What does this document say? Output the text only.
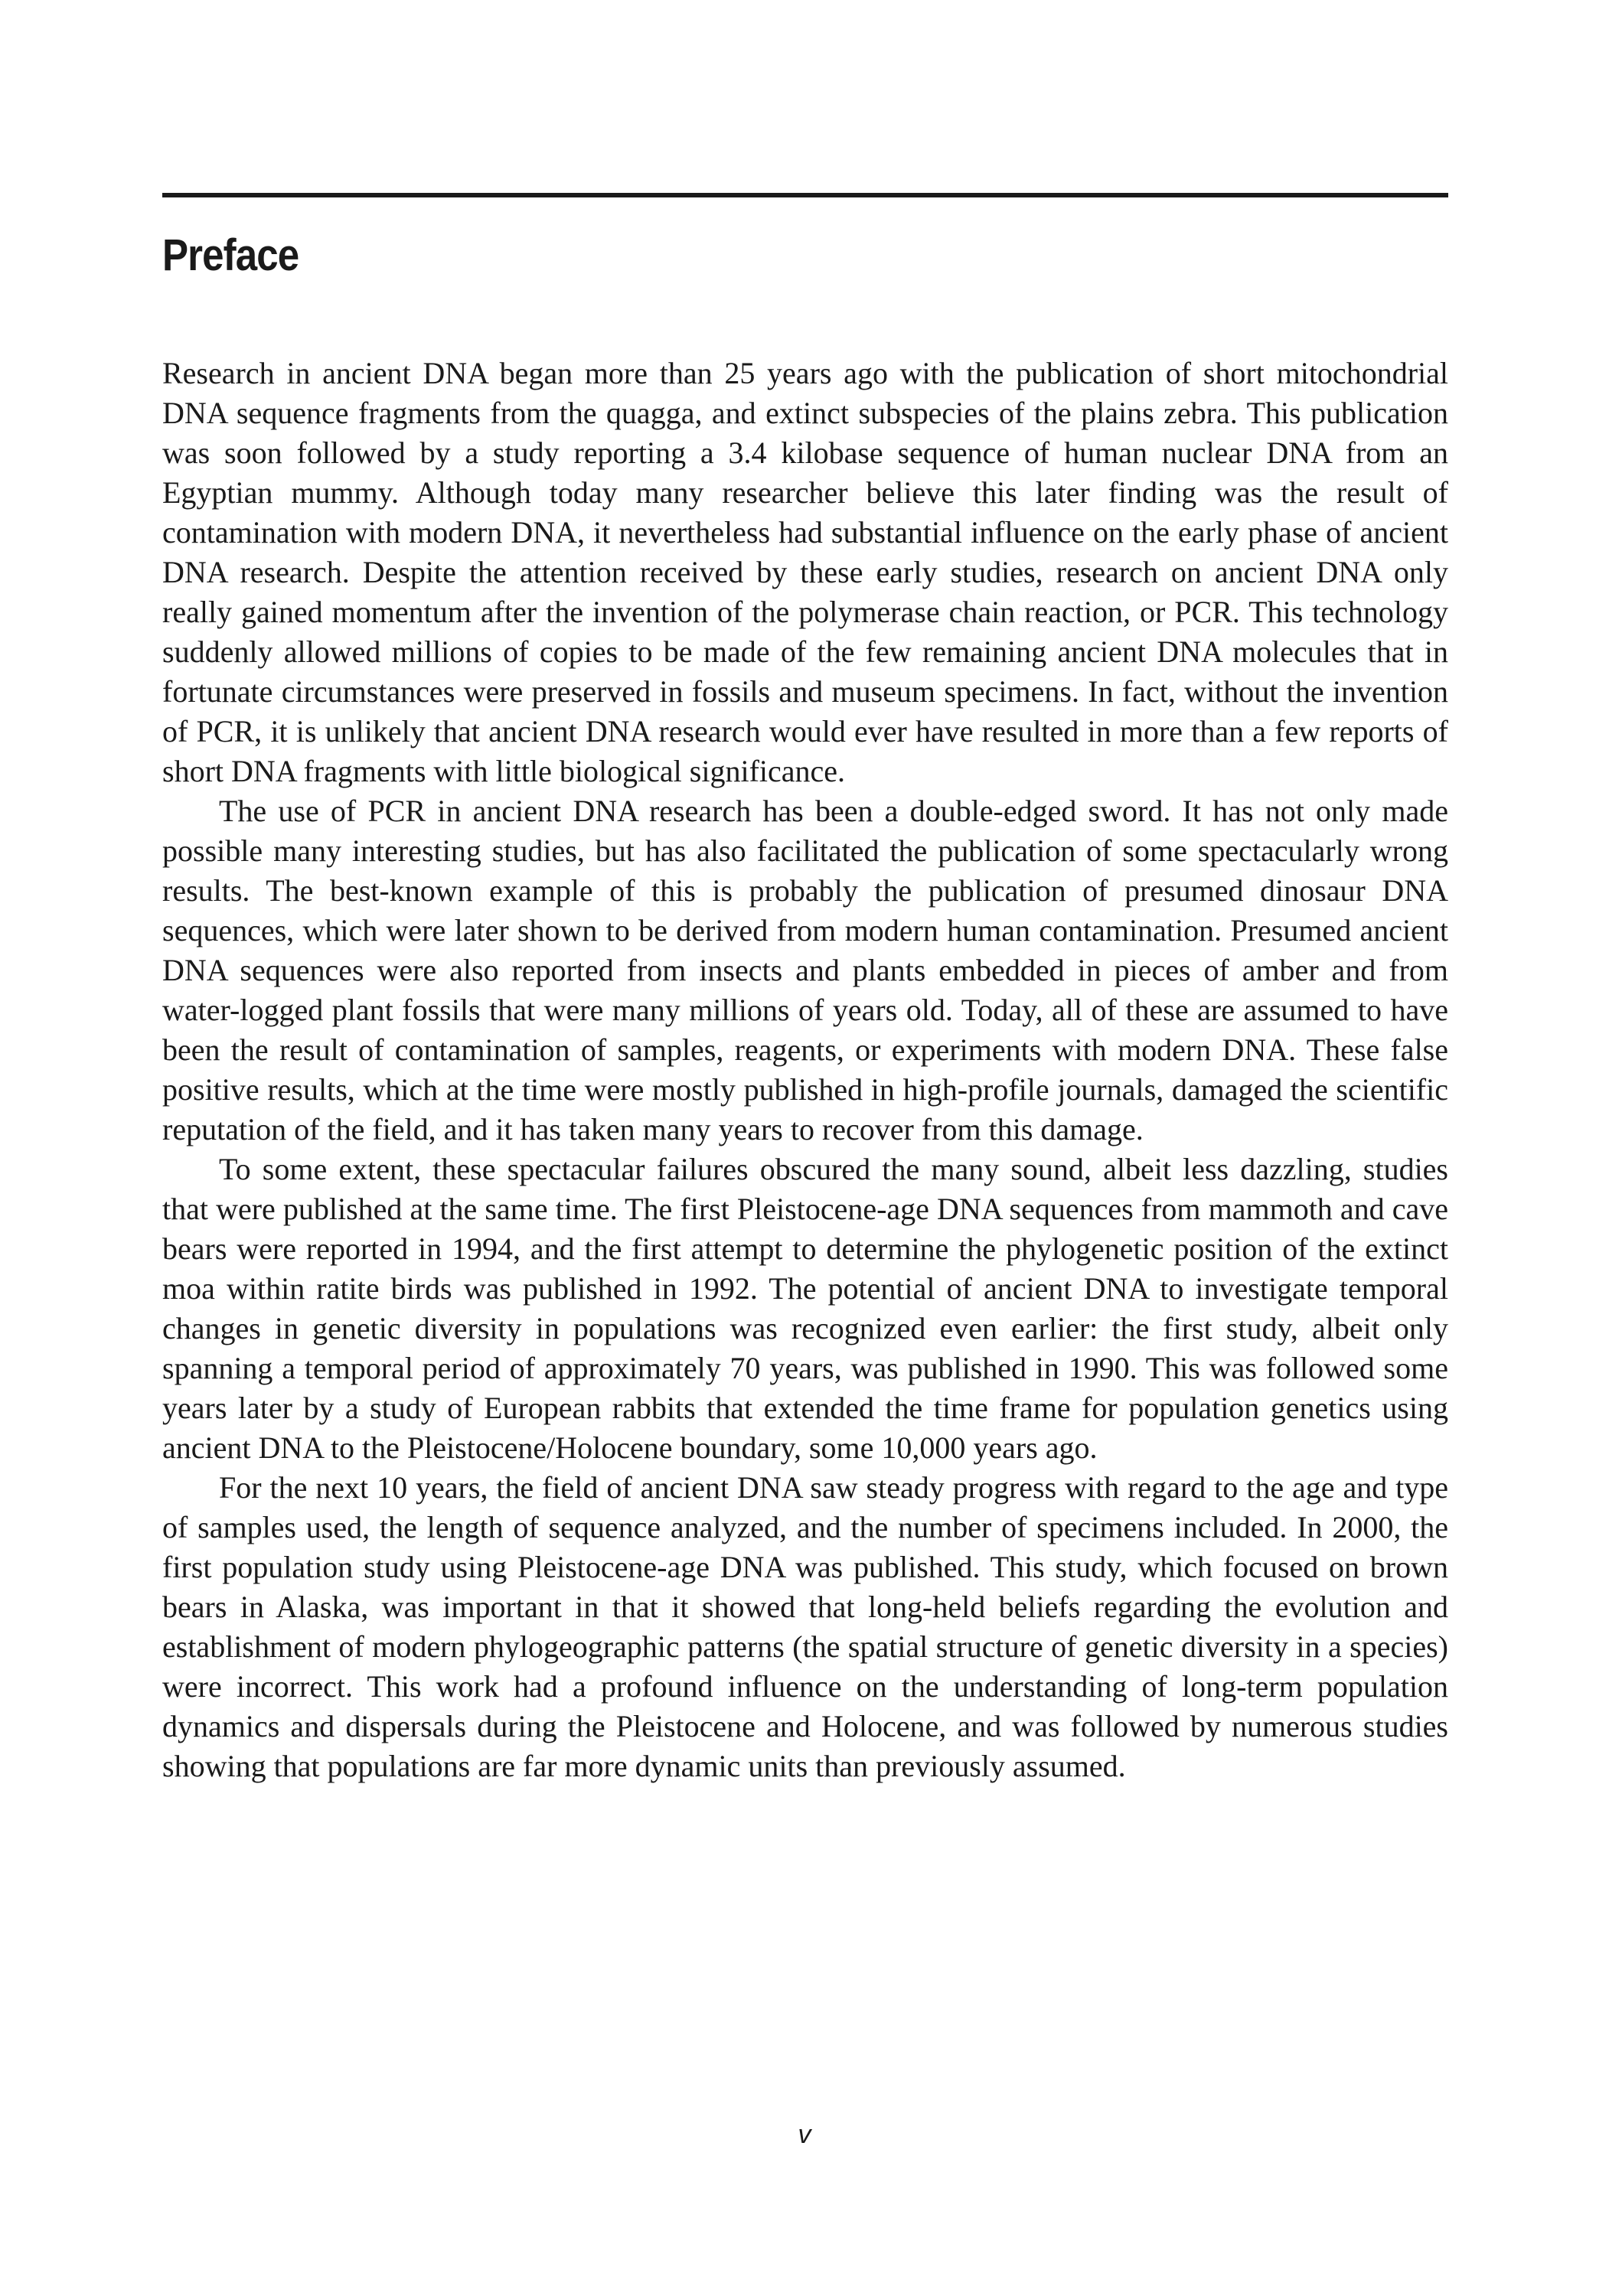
Preface

Research in ancient DNA began more than 25 years ago with the publication of short mitochondrial DNA sequence fragments from the quagga, and extinct subspecies of the plains zebra. This publication was soon followed by a study reporting a 3.4 kilobase sequence of human nuclear DNA from an Egyptian mummy. Although today many researcher believe this later finding was the result of contamination with modern DNA, it nevertheless had substantial influence on the early phase of ancient DNA research. Despite the attention received by these early studies, research on ancient DNA only really gained momentum after the invention of the polymerase chain reaction, or PCR. This technology suddenly allowed millions of copies to be made of the few remaining ancient DNA molecules that in fortunate circumstances were preserved in fossils and museum specimens. In fact, without the invention of PCR, it is unlikely that ancient DNA research would ever have resulted in more than a few reports of short DNA fragments with little biological significance.

The use of PCR in ancient DNA research has been a double-edged sword. It has not only made possible many interesting studies, but has also facilitated the publication of some spectacularly wrong results. The best-known example of this is probably the publication of presumed dinosaur DNA sequences, which were later shown to be derived from modern human contamination. Presumed ancient DNA sequences were also reported from insects and plants embedded in pieces of amber and from water-logged plant fossils that were many millions of years old. Today, all of these are assumed to have been the result of contamination of samples, reagents, or experiments with modern DNA. These false positive results, which at the time were mostly published in high-profile journals, damaged the scientific reputation of the field, and it has taken many years to recover from this damage.

To some extent, these spectacular failures obscured the many sound, albeit less dazzling, studies that were published at the same time. The first Pleistocene-age DNA sequences from mammoth and cave bears were reported in 1994, and the first attempt to determine the phylogenetic position of the extinct moa within ratite birds was published in 1992. The potential of ancient DNA to investigate temporal changes in genetic diversity in populations was recognized even earlier: the first study, albeit only spanning a temporal period of approximately 70 years, was published in 1990. This was followed some years later by a study of European rabbits that extended the time frame for population genetics using ancient DNA to the Pleistocene/Holocene boundary, some 10,000 years ago.

For the next 10 years, the field of ancient DNA saw steady progress with regard to the age and type of samples used, the length of sequence analyzed, and the number of specimens included. In 2000, the first population study using Pleistocene-age DNA was published. This study, which focused on brown bears in Alaska, was important in that it showed that long-held beliefs regarding the evolution and establishment of modern phylogeographic patterns (the spatial structure of genetic diversity in a species) were incorrect. This work had a profound influence on the understanding of long-term population dynamics and dispersals during the Pleistocene and Holocene, and was followed by numerous studies showing that populations are far more dynamic units than previously assumed.

v
